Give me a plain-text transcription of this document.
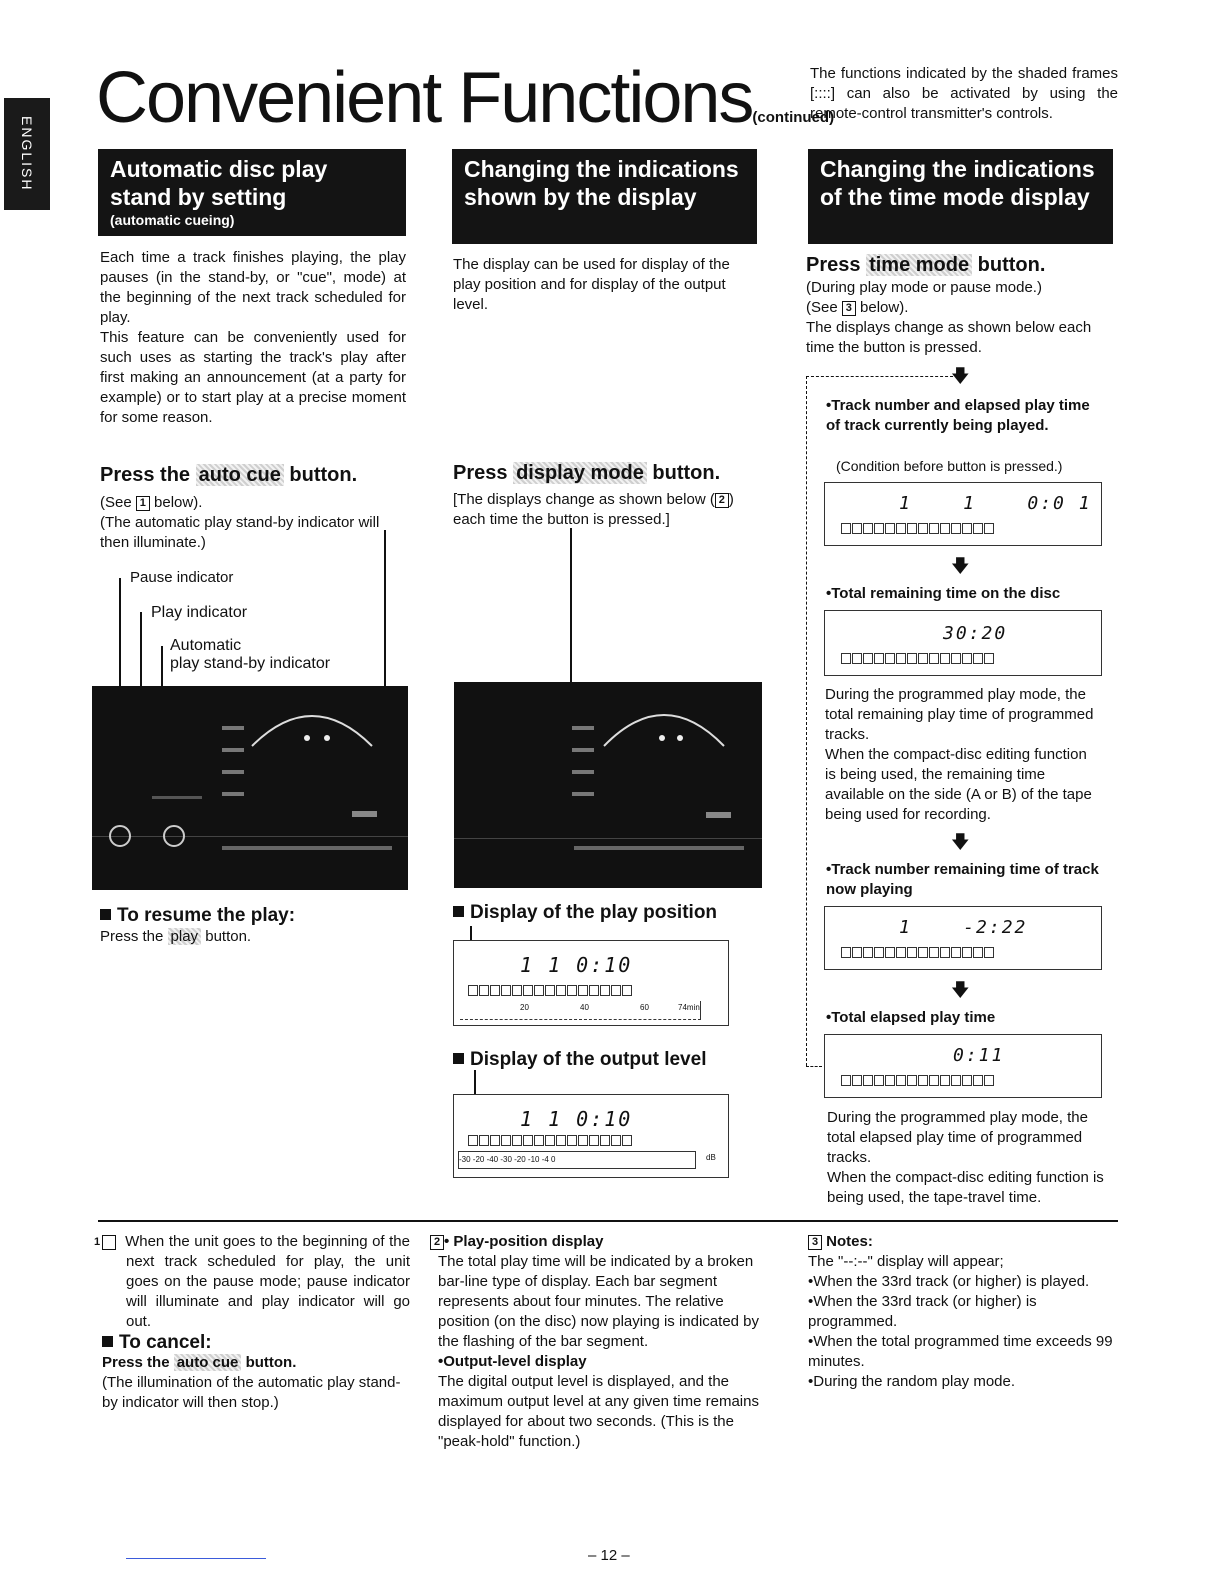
ENGLISH
Convenient Functions(continued)
The functions indicated by the shaded frames [::::] can also be activated by using the remote-control transmitter's controls.
Automatic disc play
stand by setting
(automatic cueing)
Each time a track finishes playing, the play pauses (in the stand-by, or "cue", mode) at the beginning of the next track scheduled for play.
This feature can be conveniently used for such uses as starting the track's play after first making an announcement (at a party for example) or to start play at a precise moment for some reason.
Press the auto cue button.
(See 1 below).
(The automatic play stand-by indicator will then illuminate.)
Pause indicator
Play indicator
Automatic
play stand-by indicator
To resume the play:
Press the play button.
Changing the indications shown by the display
The display can be used for display of the play position and for display of the output level.
Press display mode button.
[The displays change as shown below ( 2 ) each time the button is pressed.]
Display of the play position
1 1 0:10
20	40	60	74min
Display of the output level
1 1 0:10
-30 -20 -40 -30 -20 -10 -4 0	dB
Changing the indications of the time mode display
Press time mode button.
(During play mode or pause mode.)
(See 3 below).
The displays change as shown below each time the button is pressed.
🡇
•Track number and elapsed play time of track currently being played.
(Condition before button is pressed.)
1    1    0:0 1
🡇
•Total remaining time on the disc
30:20
During the programmed play mode, the total remaining play time of programmed tracks.
When the compact-disc editing function is being used, the remaining time available on the side (A or B) of the tape being used for recording.
🡇
•Track number remaining time of track now playing
1    -2:22
🡇
•Total elapsed play time
0:11
During the programmed play mode, the total elapsed play time of programmed tracks.
When the compact-disc editing function is being used, the tape-travel time.
1 When the unit goes to the beginning of the next track scheduled for play, the unit goes on the pause mode; pause indicator will illuminate and play indicator will go out.
To cancel:
Press the auto cue button.
(The illumination of the automatic play stand-by indicator will then stop.)
2 • Play-position display
The total play time will be indicated by a broken bar-line type of display. Each bar segment represents about four minutes. The relative position (on the disc) now playing is indicated by the flashing of the bar segment.
•Output-level display
The digital output level is displayed, and the maximum output level at any given time remains displayed for about two seconds. (This is the "peak-hold" function.)
3 Notes:
The "--:--" display will appear;
•When the 33rd track (or higher) is played.
•When the 33rd track (or higher) is programmed.
•When the total programmed time exceeds 99 minutes.
•During the random play mode.
– 12 –
